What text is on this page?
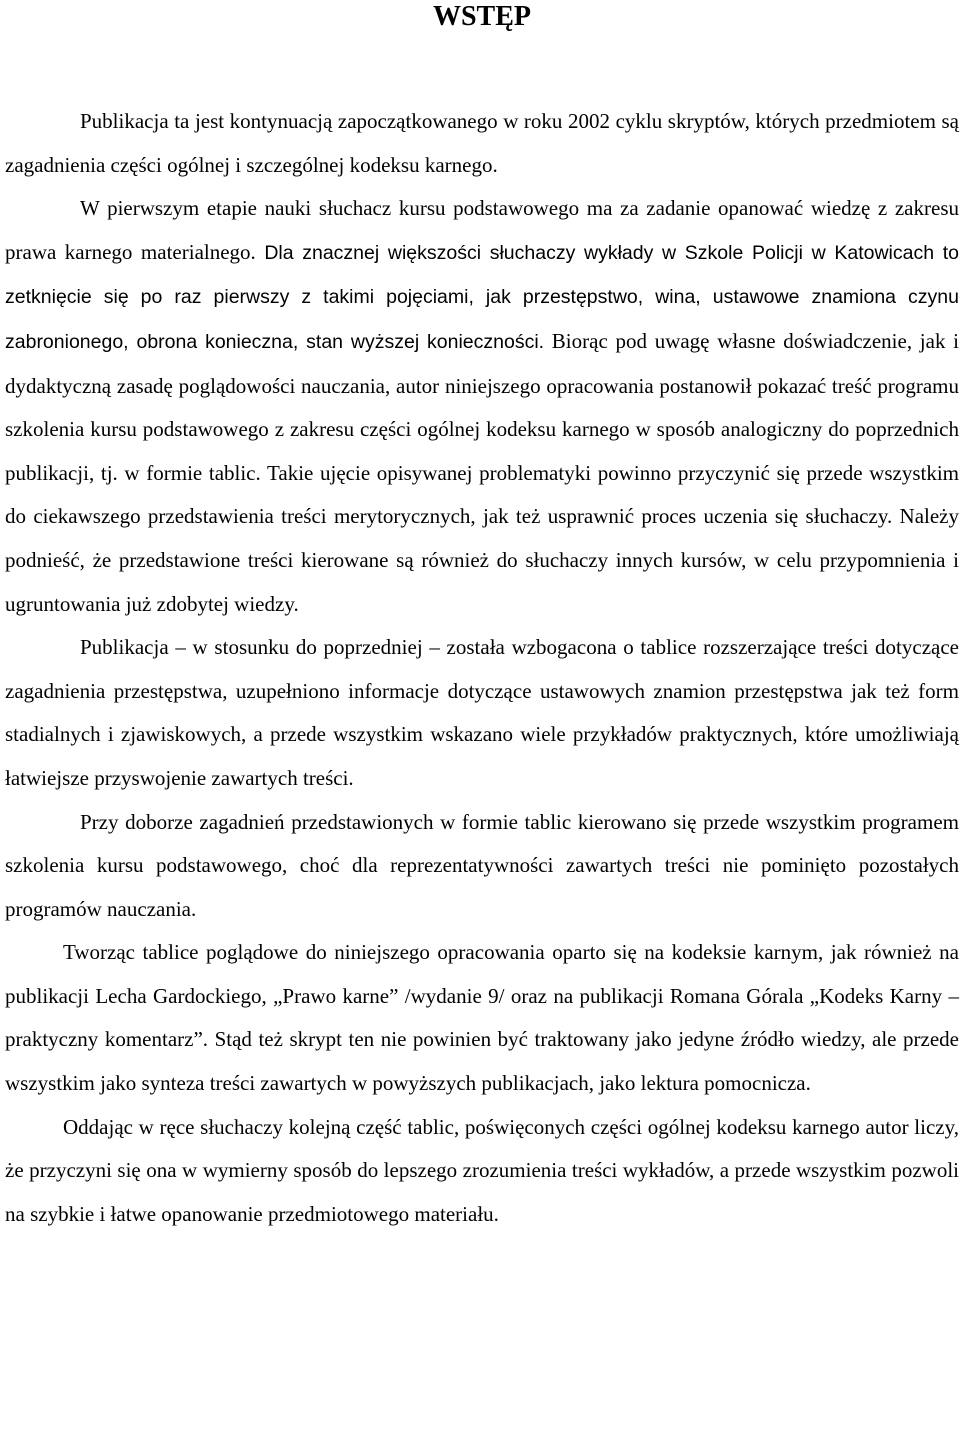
WSTĘP

Publikacja ta jest kontynuacją zapoczątkowanego w roku 2002 cyklu skryptów, których przedmiotem są zagadnienia części ogólnej i szczególnej kodeksu karnego.

W pierwszym etapie nauki słuchacz kursu podstawowego ma za zadanie opanować wiedzę z zakresu prawa karnego materialnego. Dla znacznej większości słuchaczy wykłady w Szkole Policji w Katowicach to zetknięcie się po raz pierwszy z takimi pojęciami, jak przestępstwo, wina, ustawowe znamiona czynu zabronionego, obrona konieczna, stan wyższej konieczności. Biorąc pod uwagę własne doświadczenie, jak i dydaktyczną zasadę poglądowości nauczania, autor niniejszego opracowania postanowił pokazać treść programu szkolenia kursu podstawowego z zakresu części ogólnej kodeksu karnego w sposób analogiczny do poprzednich publikacji, tj. w formie tablic. Takie ujęcie opisywanej problematyki powinno przyczynić się przede wszystkim do ciekawszego przedstawienia treści merytorycznych, jak też usprawnić proces uczenia się słuchaczy. Należy podnieść, że przedstawione treści kierowane są również do słuchaczy innych kursów, w celu przypomnienia i ugruntowania już zdobytej wiedzy.

Publikacja – w stosunku do poprzedniej – została wzbogacona o tablice rozszerzające treści dotyczące zagadnienia przestępstwa, uzupełniono informacje dotyczące ustawowych znamion przestępstwa jak też form stadialnych i zjawiskowych, a przede wszystkim wskazano wiele przykładów praktycznych, które umożliwiają łatwiejsze przyswojenie zawartych treści.

Przy doborze zagadnień przedstawionych w formie tablic kierowano się przede wszystkim programem szkolenia kursu podstawowego, choć dla reprezentatywności zawartych treści nie pominięto pozostałych programów nauczania.

Tworząc tablice poglądowe do niniejszego opracowania oparto się na kodeksie karnym, jak również na publikacji Lecha Gardockiego, „Prawo karne” /wydanie 9/ oraz na publikacji Romana Górala „Kodeks Karny – praktyczny komentarz”. Stąd też skrypt ten nie powinien być traktowany jako jedyne źródło wiedzy, ale przede wszystkim jako synteza treści zawartych w powyższych publikacjach, jako lektura pomocnicza.

Oddając w ręce słuchaczy kolejną część tablic, poświęconych części ogólnej kodeksu karnego autor liczy, że przyczyni się ona w wymierny sposób do lepszego zrozumienia treści wykładów, a przede wszystkim pozwoli na szybkie i łatwe opanowanie przedmiotowego materiału.
